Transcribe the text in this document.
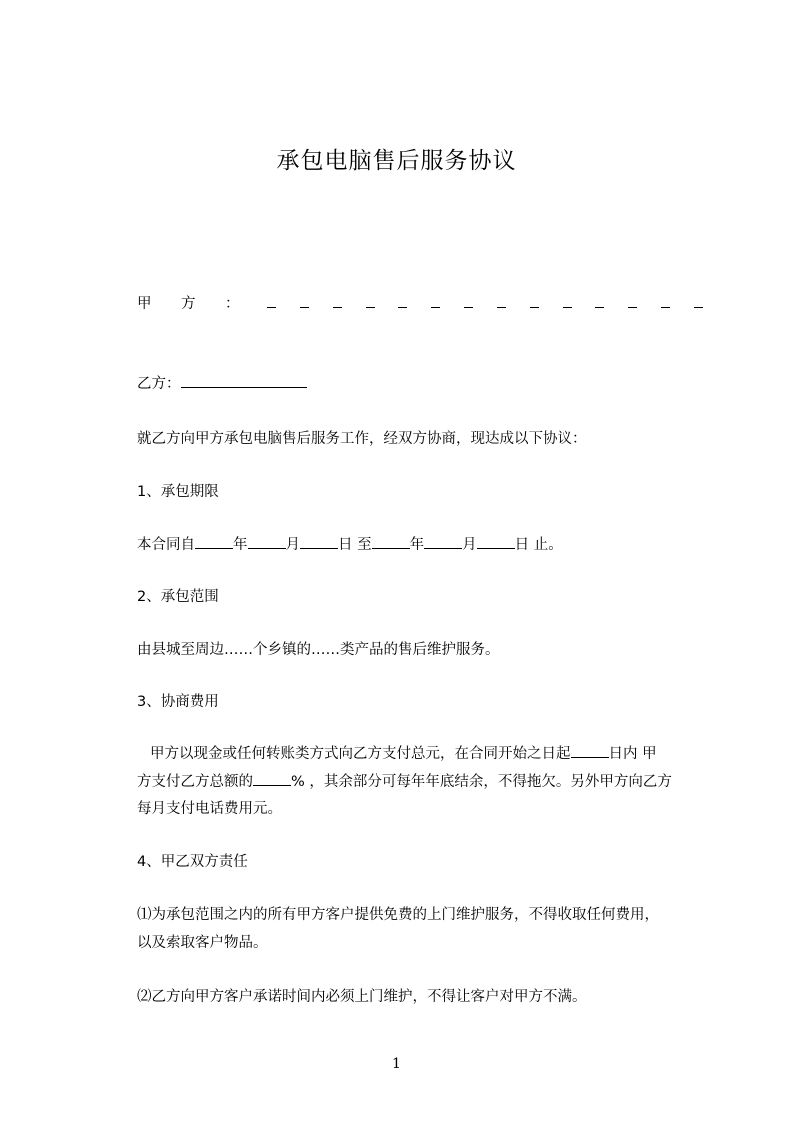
承包电脑售后服务协议
甲	方	：
乙方：
就乙方向甲方承包电脑售后服务工作，经双方协商，现达成以下协议：
1、承包期限
本合同自	年	月	日 至	年	月	日 止。
2、承包范围
由县城至周边……个乡镇的……类产品的售后维护服务。
3、协商费用
甲方以现金或任何转账类方式向乙方支付总元，在合同开始之日起	日内 甲
方支付乙方总额的	% ，其余部分可每年年底结余，不得拖欠。另外甲方向乙方
每月支付电话费用元。
4、甲乙双方责任
⑴为承包范围之内的所有甲方客户提供免费的上门维护服务，不得收取任何费用，
以及索取客户物品。
⑵乙方向甲方客户承诺时间内必须上门维护，不得让客户对甲方不满。
1
